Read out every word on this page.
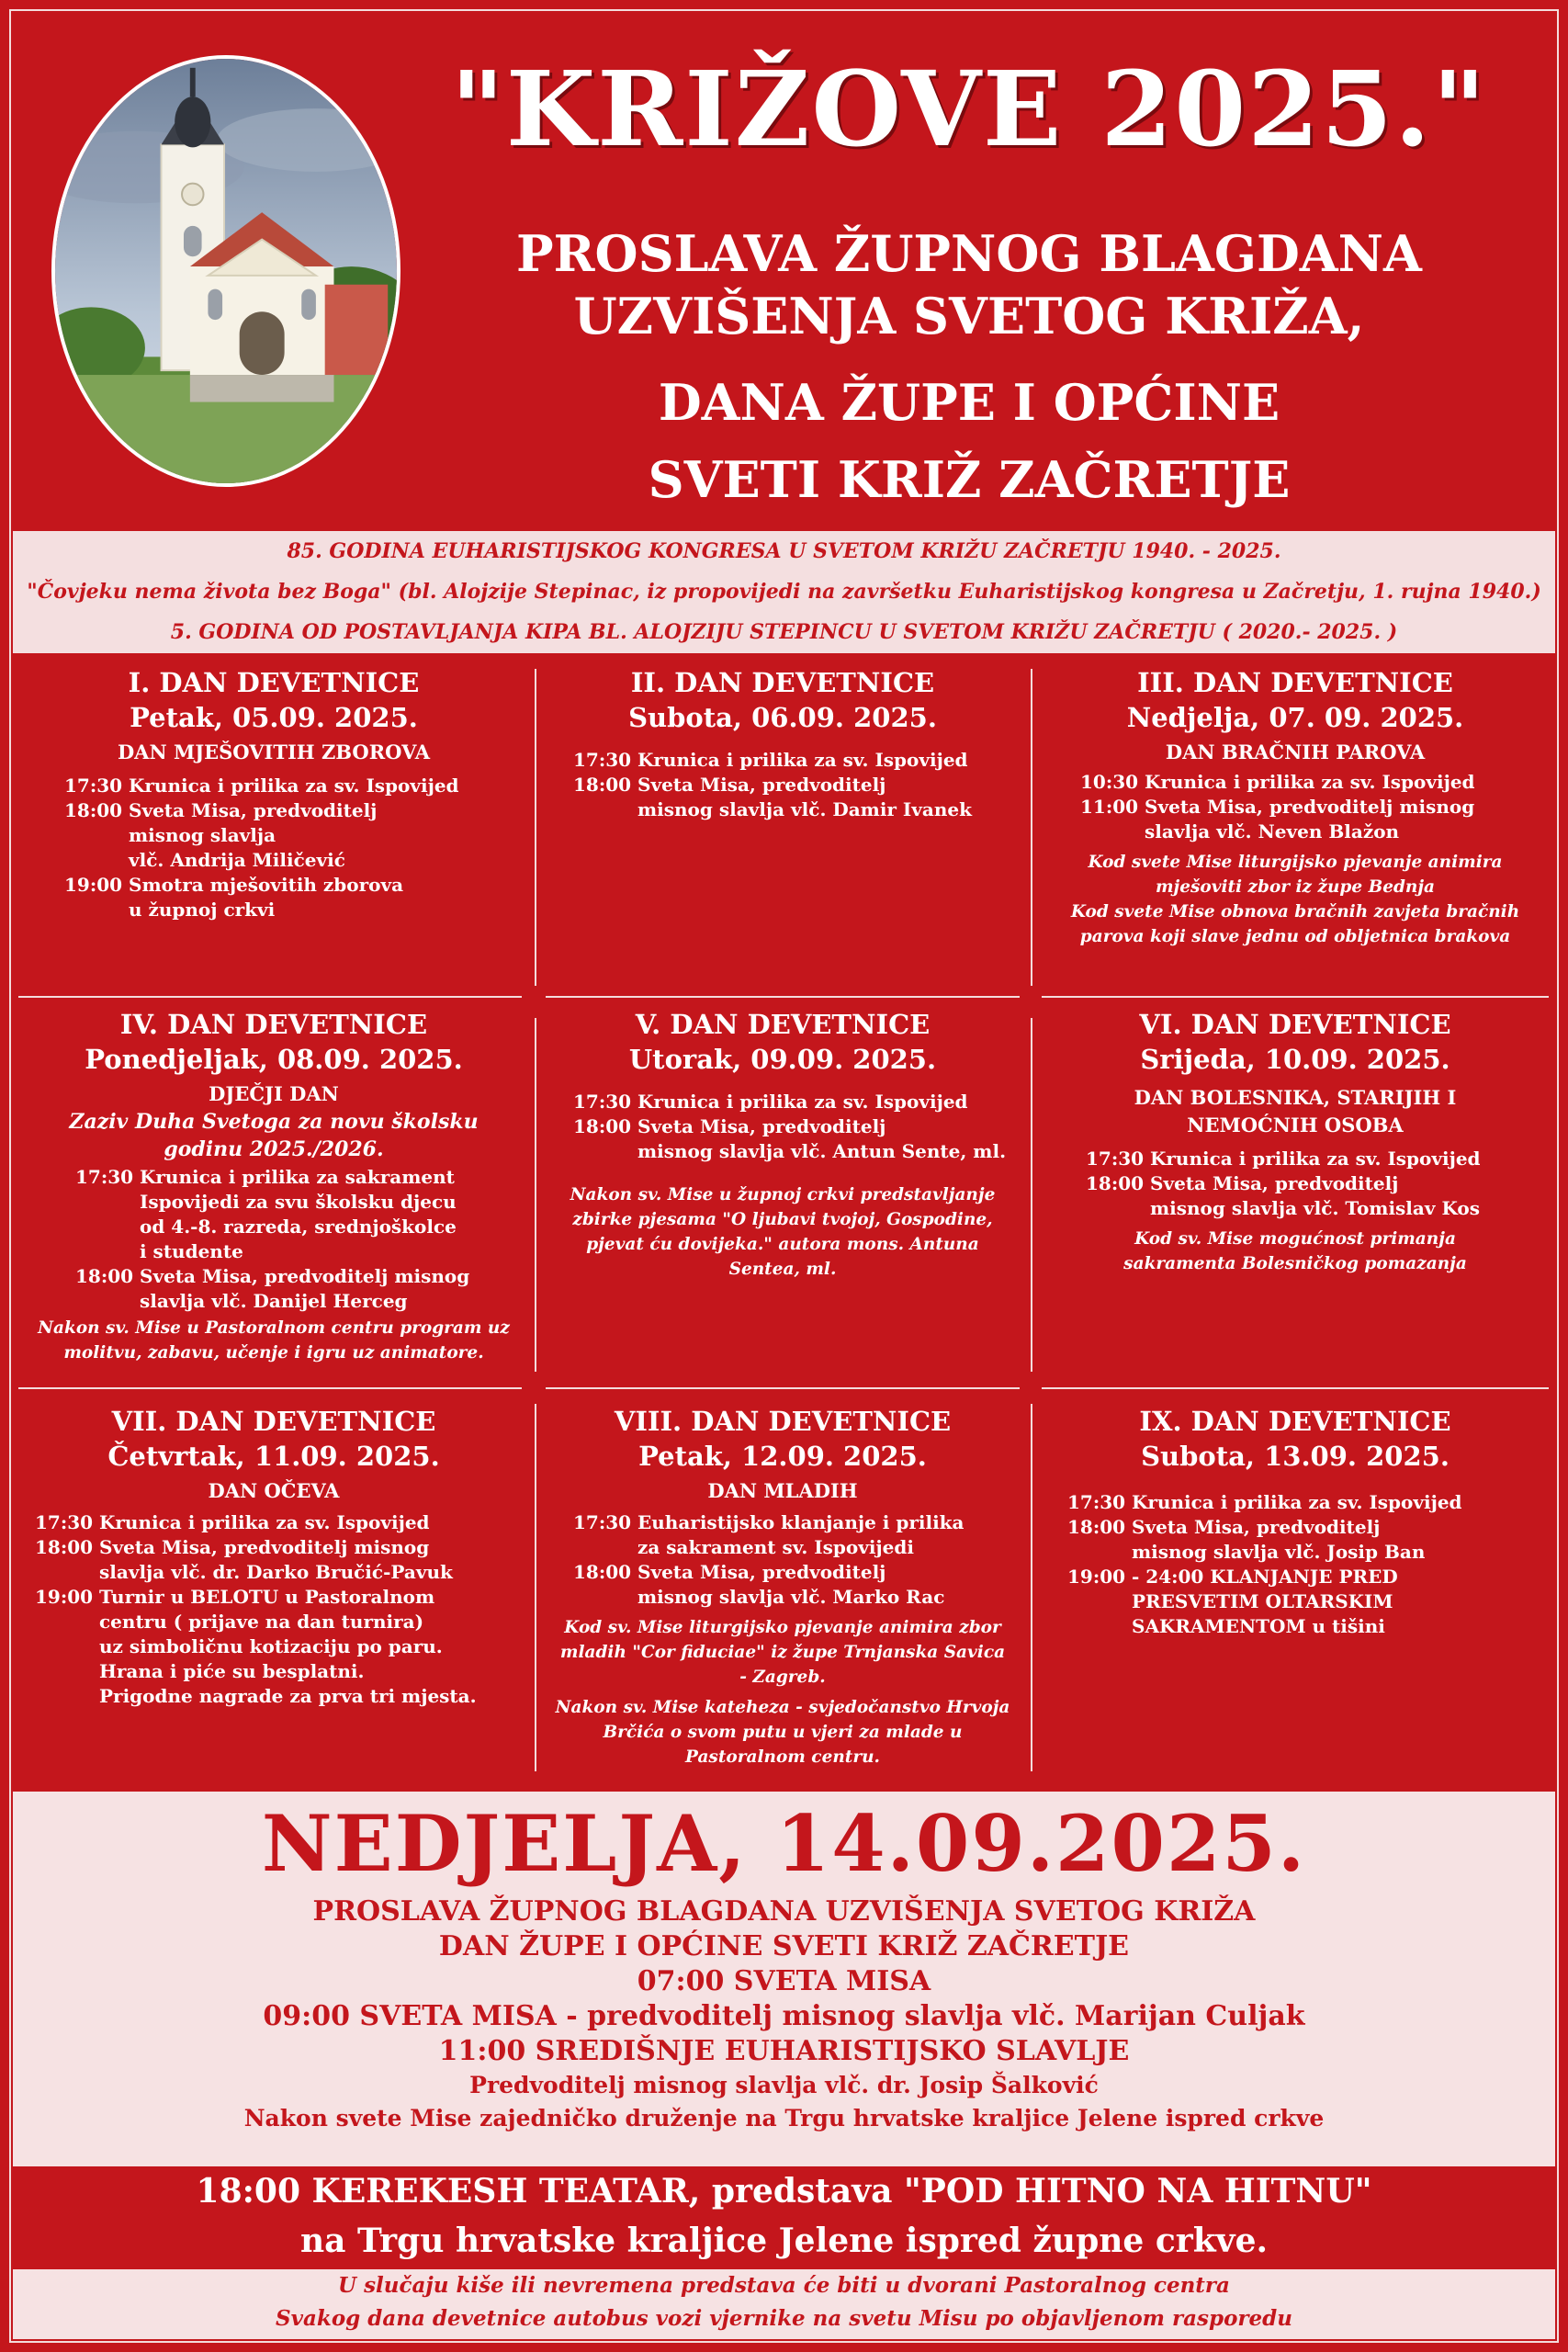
"KRIŽOVE 2025."
PROSLAVA ŽUPNOG BLAGDANA
UZVIŠENJA SVETOG KRIŽA,
DANA ŽUPE I OPĆINE
SVETI KRIŽ ZAČRETJE
85. GODINA EUHARISTIJSKOG KONGRESA U SVETOM KRIŽU ZAČRETJU 1940. - 2025.
"Čovjeku nema života bez Boga" (bl. Alojzije Stepinac, iz propovijedi na završetku Euharistijskog kongresa u Začretju, 1. rujna 1940.)
5. GODINA OD POSTAVLJANJA KIPA BL. ALOJZIJU STEPINCU U SVETOM KRIŽU ZAČRETJU ( 2020.- 2025. )
I. DAN DEVETNICE
Petak, 05.09. 2025.
DAN MJEŠOVITIH ZBOROVA
17:30 Krunica i prilika za sv. Ispovijed
18:00 Sveta Misa, predvoditelj
misnog slavlja
vlč. Andrija Miličević
19:00 Smotra mješovitih zborova
u župnoj crkvi
II. DAN DEVETNICE
Subota, 06.09. 2025.
17:30 Krunica i prilika za sv. Ispovijed
18:00 Sveta Misa, predvoditelj
misnog slavlja vlč. Damir Ivanek
III. DAN DEVETNICE
Nedjelja, 07. 09. 2025.
DAN BRAČNIH PAROVA
10:30 Krunica i prilika za sv. Ispovijed
11:00 Sveta Misa, predvoditelj misnog
slavlja vlč. Neven Blažon
Kod svete Mise liturgijsko pjevanje animira mješoviti zbor iz župe Bednja
Kod svete Mise obnova bračnih zavjeta bračnih parova koji slave jednu od obljetnica brakova
IV. DAN DEVETNICE
Ponedjeljak, 08.09. 2025.
DJEČJI DAN
Zaziv Duha Svetoga za novu školsku godinu 2025./2026.
17:30 Krunica i prilika za sakrament
Ispovijedi za svu školsku djecu
od 4.-8. razreda, srednjoškolce
i studente
18:00 Sveta Misa, predvoditelj misnog
slavlja vlč. Danijel Herceg
Nakon sv. Mise u Pastoralnom centru program uz molitvu, zabavu, učenje i igru uz animatore.
V. DAN DEVETNICE
Utorak, 09.09. 2025.
17:30 Krunica i prilika za sv. Ispovijed
18:00 Sveta Misa, predvoditelj
misnog slavlja vlč. Antun Sente, ml.
Nakon sv. Mise u župnoj crkvi predstavljanje zbirke pjesama "O ljubavi tvojoj, Gospodine, pjevat ću dovijeka." autora mons. Antuna Sentea, ml.
VI. DAN DEVETNICE
Srijeda, 10.09. 2025.
DAN BOLESNIKA, STARIJIH I NEMOĆNIH OSOBA
17:30 Krunica i prilika za sv. Ispovijed
18:00 Sveta Misa, predvoditelj
misnog slavlja vlč. Tomislav Kos
Kod sv. Mise mogućnost primanja sakramenta Bolesničkog pomazanja
VII. DAN DEVETNICE
Četvrtak, 11.09. 2025.
DAN OČEVA
17:30 Krunica i prilika za sv. Ispovijed
18:00 Sveta Misa, predvoditelj misnog
slavlja vlč. dr. Darko Bručić-Pavuk
19:00 Turnir u BELOTU u Pastoralnom
centru ( prijave na dan turnira)
uz simboličnu kotizaciju po paru.
Hrana i piće su besplatni.
Prigodne nagrade za prva tri mjesta.
VIII. DAN DEVETNICE
Petak, 12.09. 2025.
DAN MLADIH
17:30 Euharistijsko klanjanje i prilika
za sakrament sv. Ispovijedi
18:00 Sveta Misa, predvoditelj
misnog slavlja vlč. Marko Rac
Kod sv. Mise liturgijsko pjevanje animira zbor mladih "Cor fiduciae" iz župe Trnjanska Savica - Zagreb.
Nakon sv. Mise kateheza - svjedočanstvo Hrvoja Brčića o svom putu u vjeri za mlade u Pastoralnom centru.
IX. DAN DEVETNICE
Subota, 13.09. 2025.
17:30 Krunica i prilika za sv. Ispovijed
18:00 Sveta Misa, predvoditelj
misnog slavlja vlč. Josip Ban
19:00 - 24:00 KLANJANJE PRED
PRESVETIM OLTARSKIM
SAKRAMENTOM u tišini
NEDJELJA, 14.09.2025.
PROSLAVA ŽUPNOG BLAGDANA UZVIŠENJA SVETOG KRIŽA
DAN ŽUPE I OPĆINE SVETI KRIŽ ZAČRETJE
07:00 SVETA MISA
09:00 SVETA MISA - predvoditelj misnog slavlja vlč. Marijan Culjak
11:00 SREDIŠNJE EUHARISTIJSKO SLAVLJE
Predvoditelj misnog slavlja vlč. dr. Josip Šalković
Nakon svete Mise zajedničko druženje na Trgu hrvatske kraljice Jelene ispred crkve
18:00 KEREKESH TEATAR, predstava "POD HITNO NA HITNU"
na Trgu hrvatske kraljice Jelene ispred župne crkve.
U slučaju kiše ili nevremena predstava će biti u dvorani Pastoralnog centra
Svakog dana devetnice autobus vozi vjernike na svetu Misu po objavljenom rasporedu
